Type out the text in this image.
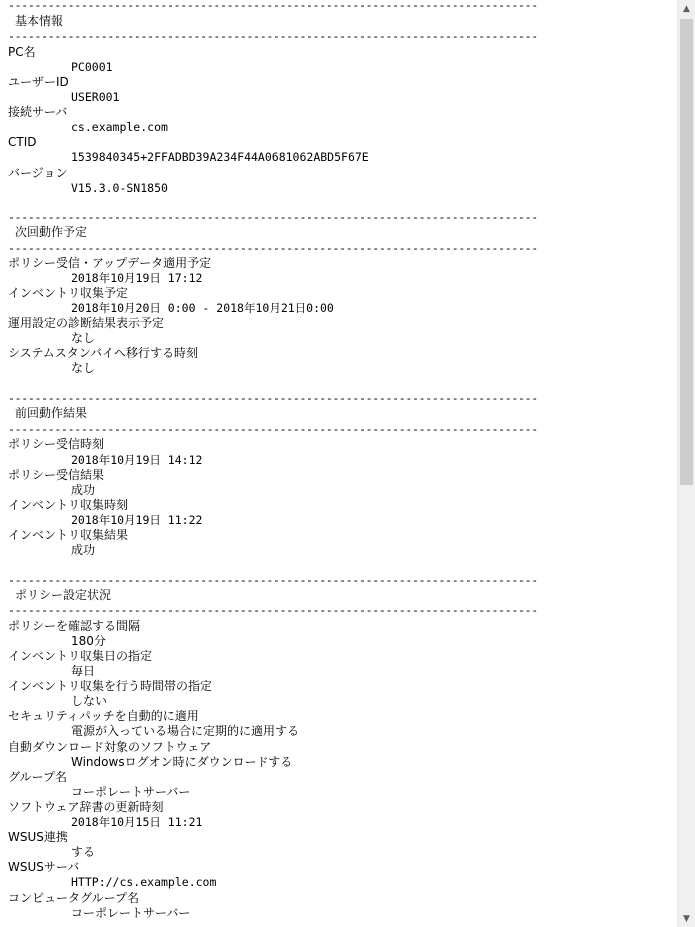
--------------------------------------------------------------------------------
基本情報
--------------------------------------------------------------------------------
PC名
PC0001
ユーザーID
USER001
接続サーバ
cs.example.com
CTID
1539840345+2FFADBD39A234F44A0681062ABD5F67E
バージョン
V15.3.0-SN1850
--------------------------------------------------------------------------------
次回動作予定
--------------------------------------------------------------------------------
ポリシー受信・アップデータ適用予定
2018年10月19日 17:12
インベントリ収集予定
2018年10月20日 0:00 - 2018年10月21日0:00
運用設定の診断結果表示予定
なし
システムスタンバイへ移行する時刻
なし
--------------------------------------------------------------------------------
前回動作結果
--------------------------------------------------------------------------------
ポリシー受信時刻
2018年10月19日 14:12
ポリシー受信結果
成功
インベントリ収集時刻
2018年10月19日 11:22
インベントリ収集結果
成功
--------------------------------------------------------------------------------
ポリシー設定状況
--------------------------------------------------------------------------------
ポリシーを確認する間隔
180分
インベントリ収集日の指定
毎日
インベントリ収集を行う時間帯の指定
しない
セキュリティパッチを自動的に適用
電源が入っている場合に定期的に適用する
自動ダウンロード対象のソフトウェア
Windowsログオン時にダウンロードする
グループ名
コーポレートサーバー
ソフトウェア辞書の更新時刻
2018年10月15日 11:21
WSUS連携
する
WSUSサーバ
HTTP://cs.example.com
コンピュータグループ名
コーポレートサーバー
▲
▼
